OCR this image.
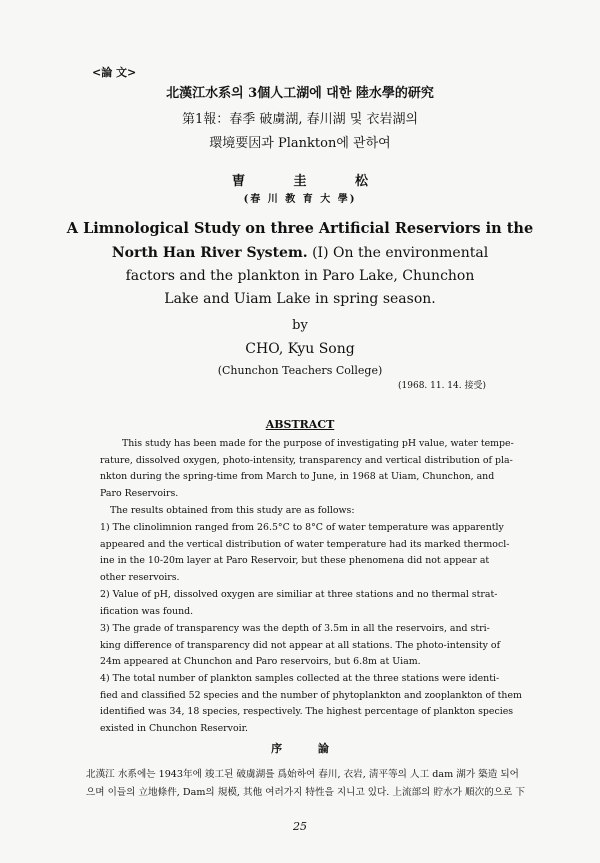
<論 文>
北漢江水系의 3個人工湖에 대한 陸水學的研究
第1報：春季 破虜湖, 春川湖 및 衣岩湖의
環境要因과 Plankton에 관하여
曺 圭 松
(春 川 教 育 大 學)
A Limnological Study on three Artificial Reserviors in the
North Han River System. (I) On the environmental
factors and the plankton in Paro Lake, Chunchon
Lake and Uiam Lake in spring season.
by
CHO, Kyu Song
(Chunchon Teachers College)
(1968. 11. 14. 接受)
ABSTRACT
This study has been made for the purpose of investigating pH value, water tempe-
rature, dissolved oxygen, photo-intensity, transparency and vertical distribution of pla-
nkton during the spring-time from March to June, in 1968 at Uiam, Chunchon, and
Paro Reservoirs.
The results obtained from this study are as follows:
1) The clinolimnion ranged from 26.5°C to 8°C of water temperature was apparently
appeared and the vertical distribution of water temperature had its marked thermocl-
ine in the 10-20m layer at Paro Reservoir, but these phenomena did not appear at
other reservoirs.
2) Value of pH, dissolved oxygen are similiar at three stations and no thermal strat-
ification was found.
3) The grade of transparency was the depth of 3.5m in all the reservoirs, and stri-
king difference of transparency did not appear at all stations. The photo-intensity of
24m appeared at Chunchon and Paro reservoirs, but 6.8m at Uiam.
4) The total number of plankton samples collected at the three stations were identi-
fied and classified 52 species and the number of phytoplankton and zooplankton of them
identified was 34, 18 species, respectively. The highest percentage of plankton species
existed in Chunchon Reservoir.
序 論
北漢江 水系에는 1943年에 竣工된 破虜湖를 爲始하여 春川, 衣岩, 淸平等의 人工 dam 湖가 築造 되어
으며 이들의 立地條件, Dam의 規模, 其他 여러가지 特性을 지니고 있다. 上流部의 貯水가 順次的으로 下
25
